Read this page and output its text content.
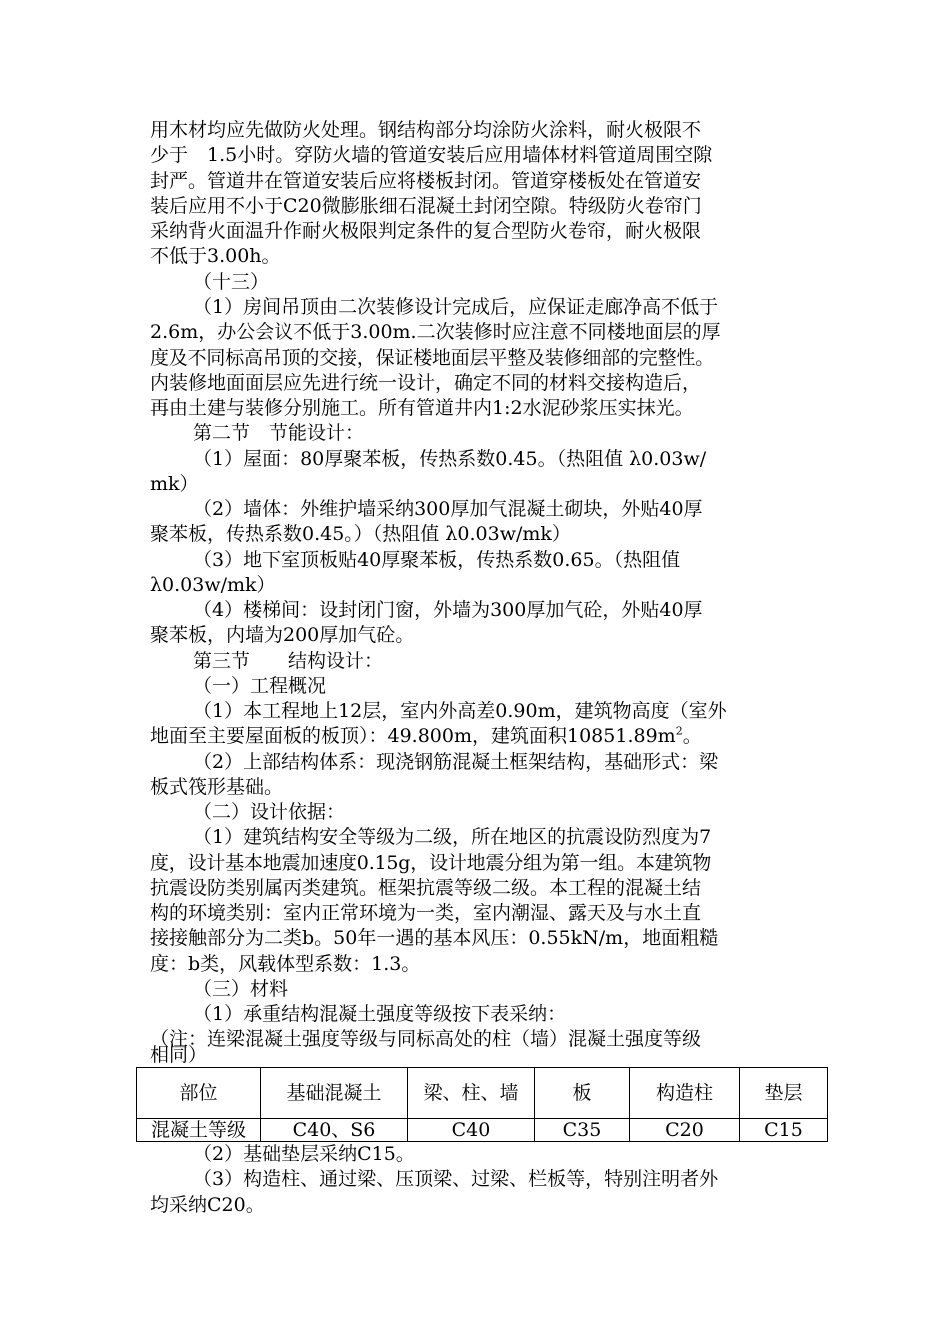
用木材均应先做防火处理。钢结构部分均涂防火涂料，耐火极限不
少于　1.5小时。穿防火墙的管道安装后应用墙体材料管道周围空隙
封严。管道井在管道安装后应将楼板封闭。管道穿楼板处在管道安
装后应用不小于C20微膨胀细石混凝土封闭空隙。特级防火卷帘门
采纳背火面温升作耐火极限判定条件的复合型防火卷帘，耐火极限
不低于3.00h。
（十三）
（1）房间吊顶由二次装修设计完成后，应保证走廊净高不低于
2.6m，办公会议不低于3.00m.二次装修时应注意不同楼地面层的厚
度及不同标高吊顶的交接，保证楼地面层平整及装修细部的完整性。
内装修地面面层应先进行统一设计，确定不同的材料交接构造后，
再由土建与装修分别施工。所有管道井内1:2水泥砂浆压实抹光。
第二节　节能设计：
（1）屋面：80厚聚苯板，传热系数0.45。（热阻值 λ0.03w/
mk）
（2）墙体：外维护墙采纳300厚加气混凝土砌块，外贴40厚
聚苯板，传热系数0.45。）（热阻值 λ0.03w/mk）
（3）地下室顶板贴40厚聚苯板，传热系数0.65。（热阻值
λ0.03w/mk）
（4）楼梯间：设封闭门窗，外墙为300厚加气砼，外贴40厚
聚苯板，内墙为200厚加气砼。
第三节　　结构设计：
（一）工程概况
（1）本工程地上12层，室内外高差0.90m，建筑物高度（室外
地面至主要屋面板的板顶）：49.800m，建筑面积$10851.89m^2$。
（2）上部结构体系：现浇钢筋混凝土框架结构，基础形式：梁
板式筏形基础。
（二）设计依据：
（1）建筑结构安全等级为二级，所在地区的抗震设防烈度为7
度，设计基本地震加速度0.15g，设计地震分组为第一组。本建筑物
抗震设防类别属丙类建筑。框架抗震等级二级。本工程的混凝土结
构的环境类别：室内正常环境为一类，室内潮湿、露天及与水土直
接接触部分为二类b。50年一遇的基本风压：0.55kN/m，地面粗糙
度：b类，风载体型系数：1.3。
（三）材料
（1）承重结构混凝土强度等级按下表采纳：
（注：连梁混凝土强度等级与同标高处的柱（墙）混凝土强度等级
相同）
部位	基础混凝土	梁、柱、墙	板	构造柱	垫层
混凝土等级	C40、S6	C40	C35	C20	C15
（2）基础垫层采纳C15。
（3）构造柱、通过梁、压顶梁、过梁、栏板等，特别注明者外
均采纳C20。
